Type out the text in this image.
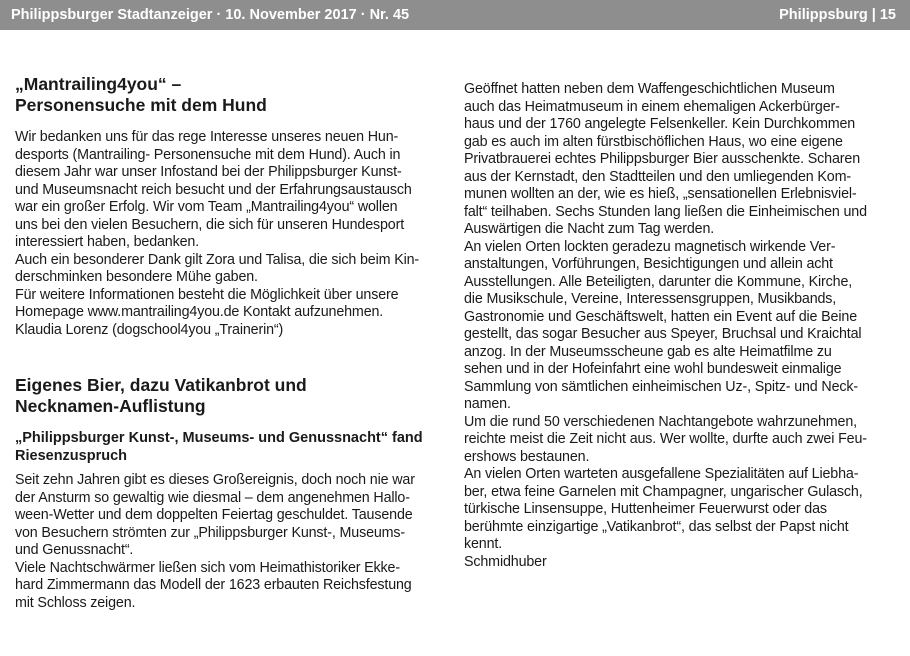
Philippsburger Stadtanzeiger · 10. November 2017 · Nr. 45	Philippsburg | 15
„Mantrailing4you“ –
Personensuche mit dem Hund

Wir bedanken uns für das rege Interesse unseres neuen Hun-
desports (Mantrailing- Personensuche mit dem Hund). Auch in
diesem Jahr war unser Infostand bei der Philippsburger Kunst-
und Museumsnacht reich besucht und der Erfahrungsaustausch
war ein großer Erfolg. Wir vom Team „Mantrailing4you“ wollen
uns bei den vielen Besuchern, die sich für unseren Hundesport
interessiert haben, bedanken.
Auch ein besonderer Dank gilt Zora und Talisa, die sich beim Kin-
derschminken besondere Mühe gaben.
Für weitere Informationen besteht die Möglichkeit über unsere
Homepage www.mantrailing4you.de Kontakt aufzunehmen.
Klaudia Lorenz (dogschool4you „Trainerin“)

Eigenes Bier, dazu Vatikanbrot und
Necknamen-Auflistung

„Philippsburger Kunst-, Museums- und Genussnacht“ fand
Riesenzuspruch

Seit zehn Jahren gibt es dieses Großereignis, doch noch nie war
der Ansturm so gewaltig wie diesmal – dem angenehmen Hallo-
ween-Wetter und dem doppelten Feiertag geschuldet. Tausende
von Besuchern strömten zur „Philippsburger Kunst-, Museums-
und Genussnacht“.
Viele Nachtschwärmer ließen sich vom Heimathistoriker Ekke-
hard Zimmermann das Modell der 1623 erbauten Reichsfestung
mit Schloss zeigen.

Geöffnet hatten neben dem Waffengeschichtlichen Museum
auch das Heimatmuseum in einem ehemaligen Ackerbürger-
haus und der 1760 angelegte Felsenkeller. Kein Durchkommen
gab es auch im alten fürstbischöflichen Haus, wo eine eigene
Privatbrauerei echtes Philippsburger Bier ausschenkte. Scharen
aus der Kernstadt, den Stadtteilen und den umliegenden Kom-
munen wollten an der, wie es hieß, „sensationellen Erlebnisviel-
falt“ teilhaben. Sechs Stunden lang ließen die Einheimischen und
Auswärtigen die Nacht zum Tag werden.
An vielen Orten lockten geradezu magnetisch wirkende Ver-
anstaltungen, Vorführungen, Besichtigungen und allein acht
Ausstellungen. Alle Beteiligten, darunter die Kommune, Kirche,
die Musikschule, Vereine, Interessensgruppen, Musikbands,
Gastronomie und Geschäftswelt, hatten ein Event auf die Beine
gestellt, das sogar Besucher aus Speyer, Bruchsal und Kraichtal
anzog. In der Museumsscheune gab es alte Heimatfilme zu
sehen und in der Hofeinfahrt eine wohl bundesweit einmalige
Sammlung von sämtlichen einheimischen Uz-, Spitz- und Neck-
namen.
Um die rund 50 verschiedenen Nachtangebote wahrzunehmen,
reichte meist die Zeit nicht aus. Wer wollte, durfte auch zwei Feu-
ershows bestaunen.
An vielen Orten warteten ausgefallene Spezialitäten auf Liebha-
ber, etwa feine Garnelen mit Champagner, ungarischer Gulasch,
türkische Linsensuppe, Huttenheimer Feuerwurst oder das
berühmte einzigartige „Vatikanbrot“, das selbst der Papst nicht
kennt.
Schmidhuber
